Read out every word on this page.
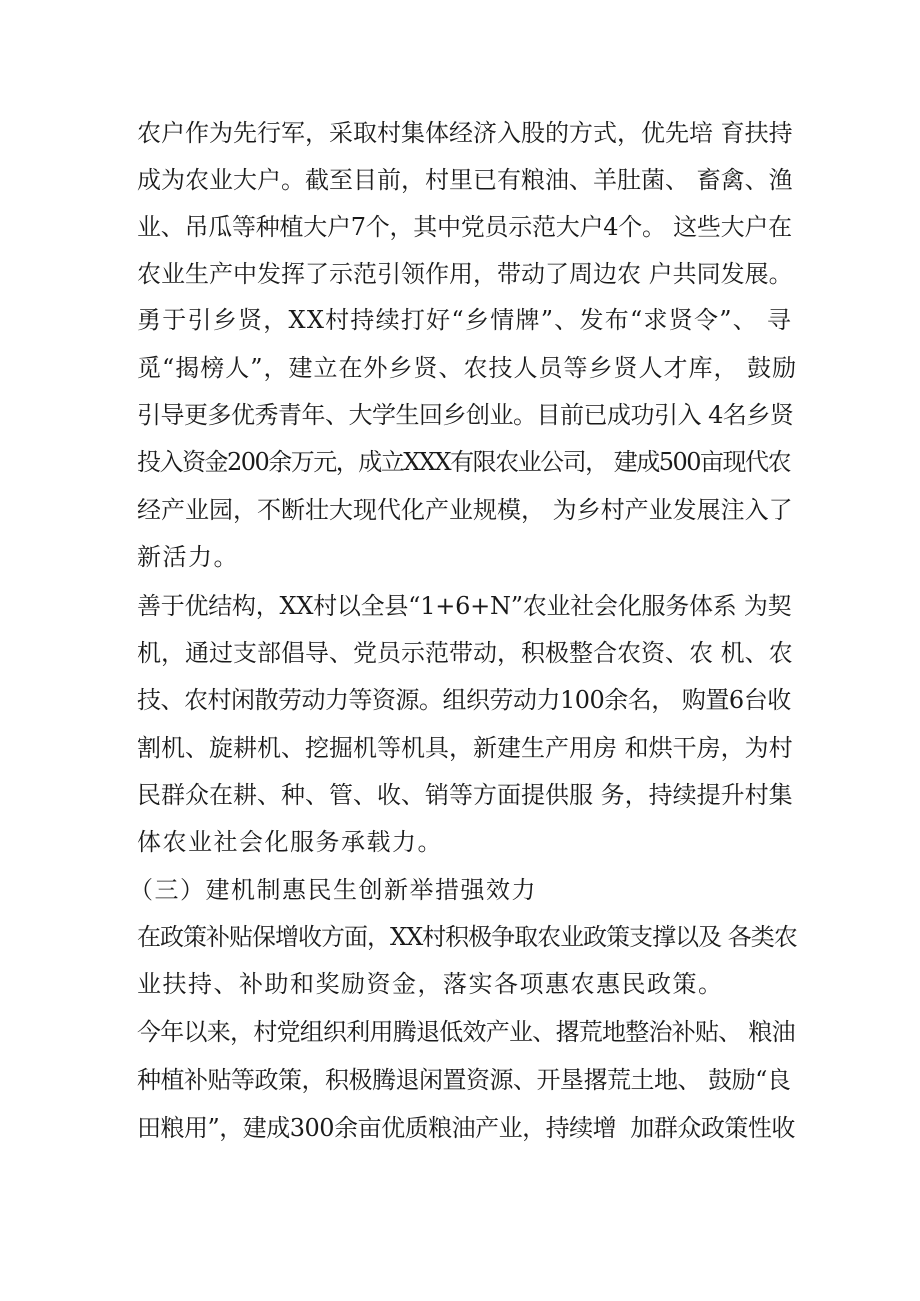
农户作为先行军，采取村集体经济入股的方式，优先培 育扶持
成为农业大户。截至目前，村里已有粮油、羊肚菌、 畜禽、渔
业、吊瓜等种植大户7个，其中党员示范大户4个。 这些大户在
农业生产中发挥了示范引领作用，带动了周边农 户共同发展。
勇于引乡贤，XX村持续打好“乡情牌”、发布“求贤令”、 寻
觅“揭榜人”，建立在外乡贤、农技人员等乡贤人才库， 鼓励
引导更多优秀青年、大学生回乡创业。目前已成功引入 4名乡贤
投入资金200余万元，成立XXX有限农业公司， 建成500亩现代农
经产业园，不断壮大现代化产业规模， 为乡村产业发展注入了
新活力。
善于优结构，XX村以全县“1+6+N”农业社会化服务体系 为契
机，通过支部倡导、党员示范带动，积极整合农资、农 机、农
技、农村闲散劳动力等资源。组织劳动力100余名， 购置6台收
割机、旋耕机、挖掘机等机具，新建生产用房 和烘干房，为村
民群众在耕、种、管、收、销等方面提供服 务，持续提升村集
体农业社会化服务承载力。
（三）建机制惠民生创新举措强效力
在政策补贴保增收方面，XX村积极争取农业政策支撑以及 各类农
业扶持、补助和奖励资金，落实各项惠农惠民政策。
今年以来，村党组织利用腾退低效产业、撂荒地整治补贴、 粮油
种植补贴等政策，积极腾退闲置资源、开垦撂荒土地、 鼓励“良
田粮用”，建成300余亩优质粮油产业，持续增  加群众政策性收
